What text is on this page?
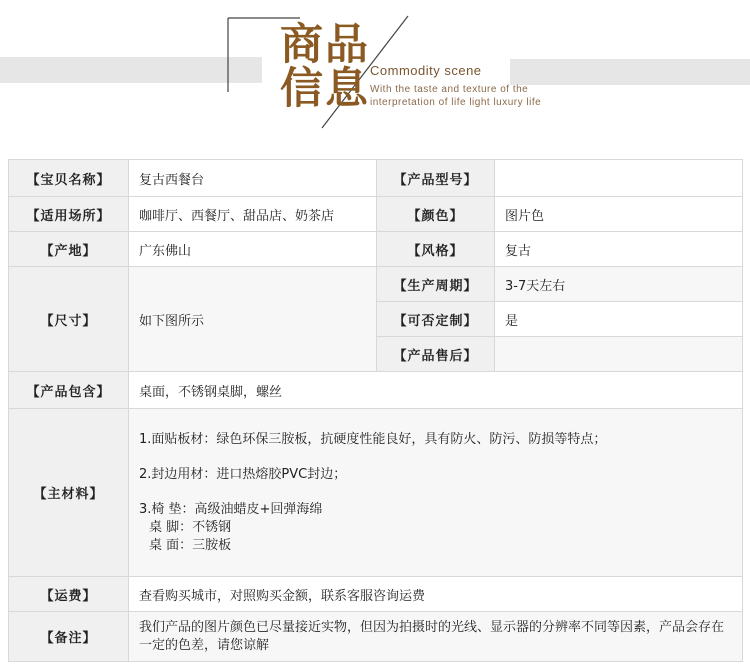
商品
信息 Commodity scene
With the taste and texture of the
interpretation of life light luxury life
【宝贝名称】	复古西餐台	【产品型号】	
【适用场所】	咖啡厅、西餐厅、甜品店、奶茶店	【颜色】	图片色
【产地】	广东佛山	【风格】	复古
【尺寸】	如下图所示	【生产周期】	3-7天左右
		【可否定制】	是
		【产品售后】	
【产品包含】	桌面，不锈钢桌脚，螺丝		
【主材料】	1.面贴板材：绿色环保三胺板，抗硬度性能良好，具有防火、防污、防损等特点；
2.封边用材：进口热熔胶PVC封边；
3.椅 垫：高级油蜡皮+回弹海绵
桌 脚：不锈钢
桌 面：三胺板		

【运费】	查看购买城市，对照购买金额，联系客服咨询运费		
【备注】	我们产品的图片颜色已尽量接近实物，但因为拍摄时的光线、显示器的分辨率不同等因素，产品会存在一定的色差，请您谅解		
